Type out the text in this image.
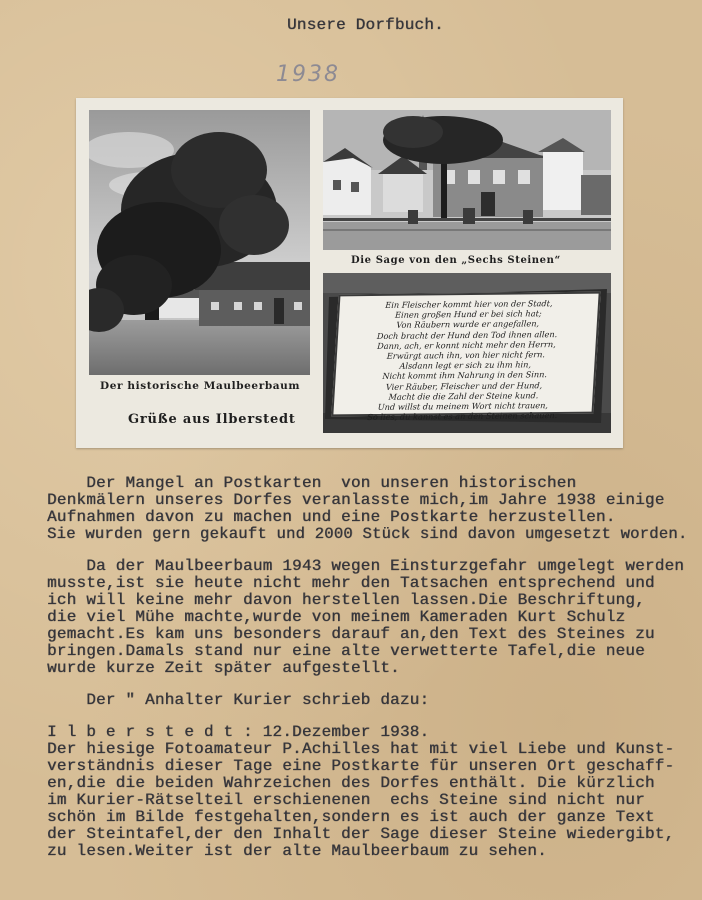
Unsere Dorfbuch.
1938
Die Sage von den „Sechs Steinen“
Ein Fleischer kommt hier von der Stadt,
Einen großen Hund er bei sich hat;
Von Räubern wurde er angefallen,
Doch bracht der Hund den Tod ihnen allen.
Dann, ach, er konnt nicht mehr den Herrn,
Erwürgt auch ihn, von hier nicht fern.
Alsdann legt er sich zu ihm hin,
Nicht kommt ihm Nahrung in den Sinn.
Vier Räuber, Fleischer und der Hund,
Macht die die Zahl der Steine kund.
Und willst du meinem Wort nicht trauen,
So lies, du kannst es an den Steinen schauen.
Der historische Maulbeerbaum
Grüße aus Ilberstedt
Der Mangel an Postkarten  von unseren historischen
Denkmälern unseres Dorfes veranlasste mich,im Jahre 1938 einige
Aufnahmen davon zu machen und eine Postkarte herzustellen.
Sie wurden gern gekauft und 2000 Stück sind davon umgesetzt worden.
Da der Maulbeerbaum 1943 wegen Einsturzgefahr umgelegt werden
musste,ist sie heute nicht mehr den Tatsachen entsprechend und
ich will keine mehr davon herstellen lassen.Die Beschriftung,
die viel Mühe machte,wurde von meinem Kameraden Kurt Schulz
gemacht.Es kam uns besonders darauf an,den Text des Steines zu
bringen.Damals stand nur eine alte verwetterte Tafel,die neue
wurde kurze Zeit später aufgestellt.
Der " Anhalter Kurier schrieb dazu:
I l b e r s t e d t : 12.Dezember 1938.
Der hiesige Fotoamateur P.Achilles hat mit viel Liebe und Kunst-
verständnis dieser Tage eine Postkarte für unseren Ort geschaff-
en,die die beiden Wahrzeichen des Dorfes enthält. Die kürzlich
im Kurier-Rätselteil erschienenen  echs Steine sind nicht nur
schön im Bilde festgehalten,sondern es ist auch der ganze Text
der Steintafel,der den Inhalt der Sage dieser Steine wiedergibt,
zu lesen.Weiter ist der alte Maulbeerbaum zu sehen.
